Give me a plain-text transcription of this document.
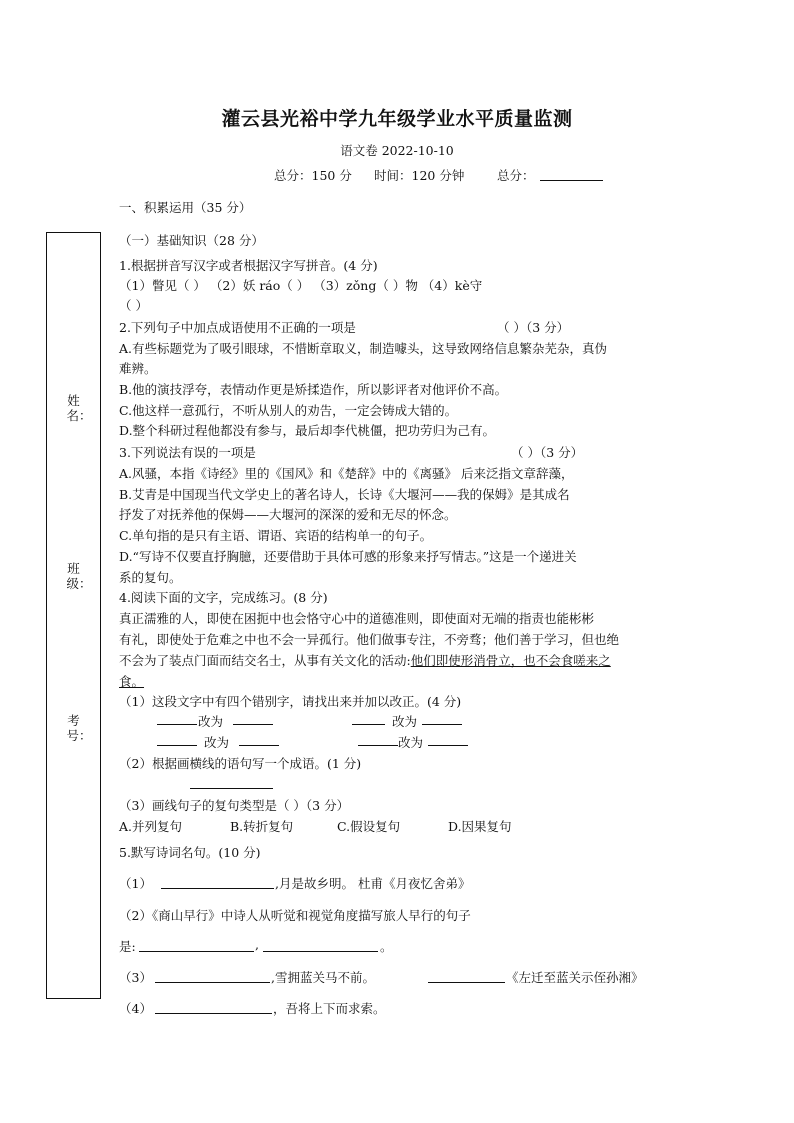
灌云县光裕中学九年级学业水平质量监测
语文卷 2022-10-10
总分：150 分 时间：120 分钟	总分：
姓名：
班级：
考号：
一、积累运用（35 分）
（一）基础知识（28 分）
1.根据拼音写汉字或者根据汉字写拼音。(4 分)
（1）瞥见（ ） （2）妖 ráo（ ） （3）zǒng（ ）物 （4）kè守
（ ）
2.下列句子中加点成语使用不正确的一项是	（ ）（3 分）
A.有些标题党为了吸引眼球，不惜断章取义，制造噱头，这导致网络信息繁杂芜杂，真伪
难辨。
B.他的演技浮夸，表情动作更是矫揉造作，所以影评者对他评价不高。
C.他这样一意孤行，不听从别人的劝告，一定会铸成大错的。
D.整个科研过程他都没有参与，最后却李代桃僵，把功劳归为己有。
3.下列说法有误的一项是	（ ）（3 分）
A.风骚，本指《诗经》里的《国风》和《楚辞》中的《离骚》 后来泛指文章辞藻，
B.艾青是中国现当代文学史上的著名诗人，长诗《大堰河——我的保姆》是其成名
抒发了对抚养他的保姆——大堰河的深深的爱和无尽的怀念。
C.单句指的是只有主语、谓语、宾语的结构单一的句子。
D.“写诗不仅要直抒胸臆，还要借助于具体可感的形象来抒写情志。”这是一个递进关
系的复句。
4.阅读下面的文字，完成练习。(8 分)
真正濡雅的人，即使在困扼中也会恪守心中的道德准则，即使面对无端的指责也能彬彬
有礼，即使处于危难之中也不会一异孤行。他们做事专注，不旁骛；他们善于学习，但也绝
不会为了装点门面而结交名士，从事有关文化的活动:他们即使形消骨立，也不会食嗟来之
食。
（1）这段文字中有四个错别字，请找出来并加以改正。(4 分)
改为	改为
改为	改为
（2）根据画横线的语句写一个成语。(1 分)
（3）画线句子的复句类型是（ ）（3 分）
A.并列复句	B.转折复句	C.假设复句	D.因果复句
5.默写诗词名句。(10 分)
（1）	,月是故乡明。 杜甫《月夜忆舍弟》
（2）《商山早行》中诗人从听觉和视觉角度描写旅人早行的句子
是:	,	。
（3）	,雪拥蓝关马不前。	《左迁至蓝关示侄孙湘》
（4）	，吾将上下而求索。
